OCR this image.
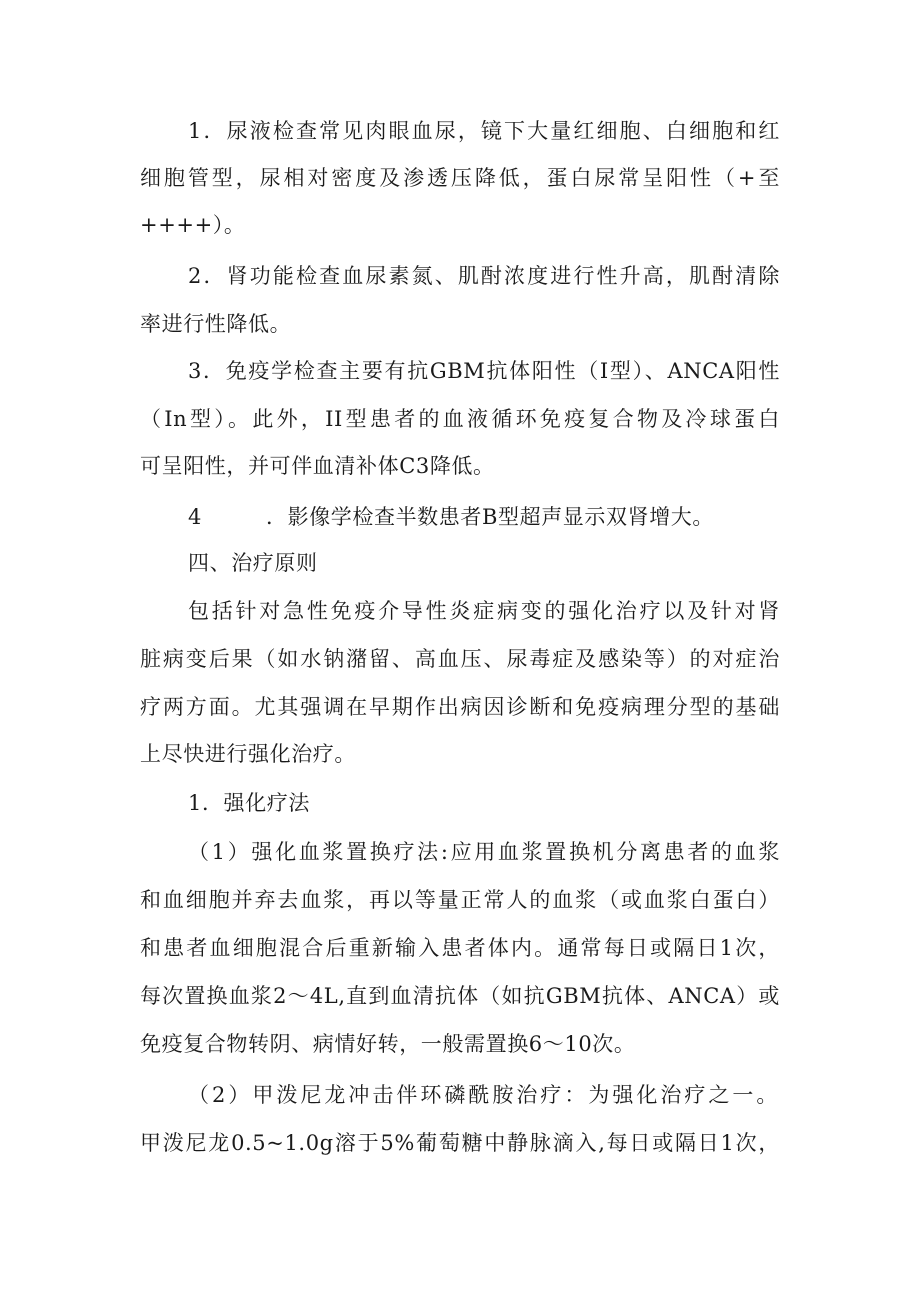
1．尿液检查常见肉眼血尿，镜下大量红细胞、白细胞和红
细胞管型，尿相对密度及渗透压降低，蛋白尿常呈阳性（+至
++++）。
2．肾功能检查血尿素氮、肌酎浓度进行性升高，肌酎清除
率进行性降低。
3．免疫学检查主要有抗GBM抗体阳性（I型）、ANCA阳性
（In型）。此外，II型患者的血液循环免疫复合物及冷球蛋白
可呈阳性，并可伴血清补体C3降低。
4	．影像学检查半数患者B型超声显示双肾增大。
四、治疗原则
包括针对急性免疫介导性炎症病变的强化治疗以及针对肾
脏病变后果（如水钠潴留、高血压、尿毒症及感染等）的对症治
疗两方面。尤其强调在早期作出病因诊断和免疫病理分型的基础
上尽快进行强化治疗。
1．强化疗法
（1）强化血浆置换疗法:应用血浆置换机分离患者的血浆
和血细胞并弃去血浆，再以等量正常人的血浆（或血浆白蛋白）
和患者血细胞混合后重新输入患者体内。通常每日或隔日1次，
每次置换血浆2～4L,直到血清抗体（如抗GBM抗体、ANCA）或
免疫复合物转阴、病情好转，一般需置换6～10次。
（2）甲泼尼龙冲击伴环磷酰胺治疗：为强化治疗之一。
甲泼尼龙0.5~1.0g溶于5%葡萄糖中静脉滴入,每日或隔日1次，
